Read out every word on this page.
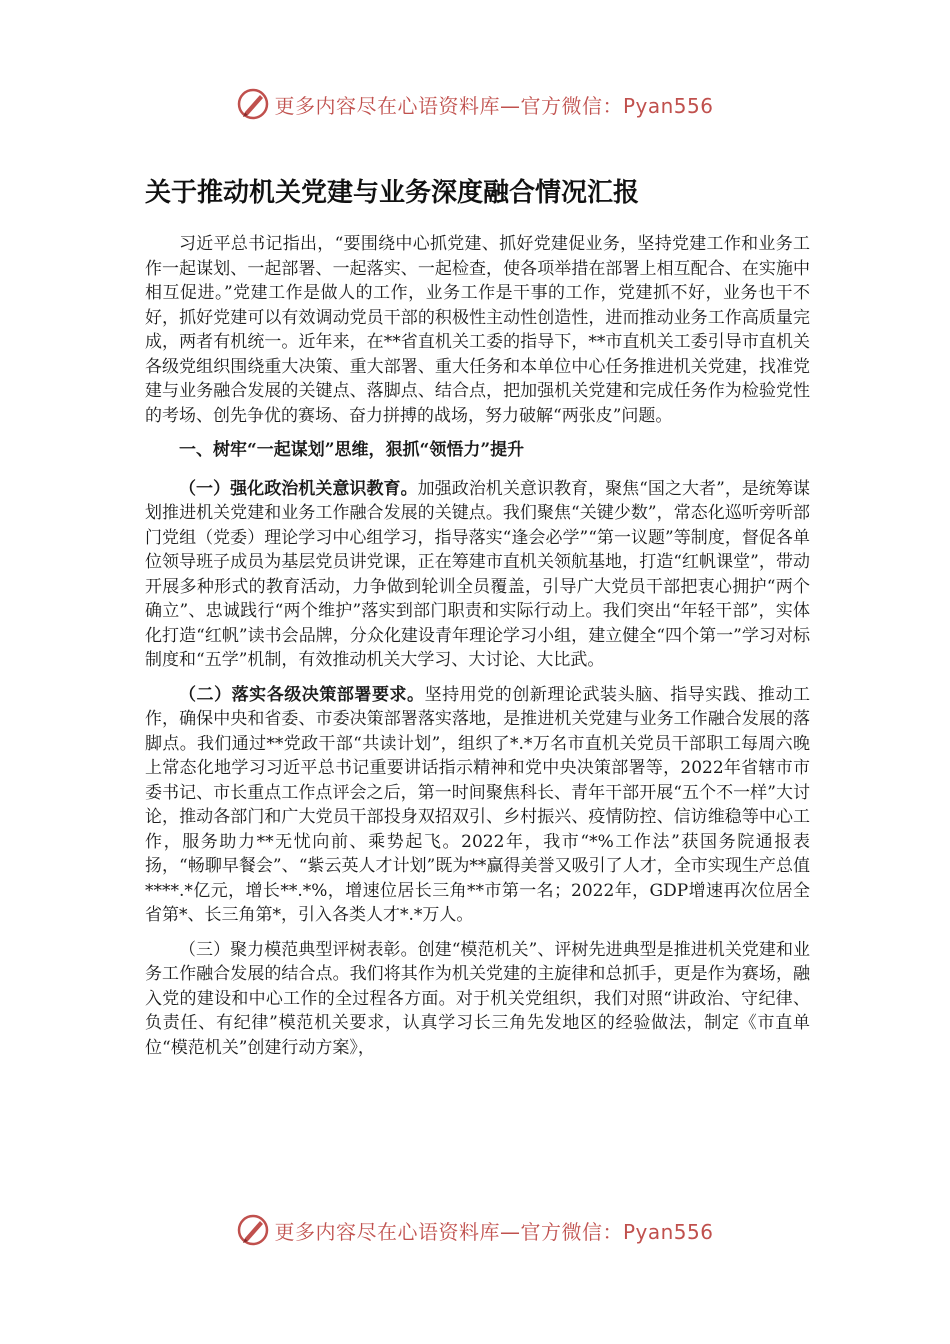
更多内容尽在心语资料库—官方微信：Pyan556
关于推动机关党建与业务深度融合情况汇报

习近平总书记指出，“要围绕中心抓党建、抓好党建促业务，坚持党建工作和业务工作一起谋划、一起部署、一起落实、一起检查，使各项举措在部署上相互配合、在实施中相互促进。”党建工作是做人的工作，业务工作是干事的工作，党建抓不好，业务也干不好，抓好党建可以有效调动党员干部的积极性主动性创造性，进而推动业务工作高质量完成，两者有机统一。近年来，在**省直机关工委的指导下，**市直机关工委引导市直机关各级党组织围绕重大决策、重大部署、重大任务和本单位中心任务推进机关党建，找准党建与业务融合发展的关键点、落脚点、结合点，把加强机关党建和完成任务作为检验党性的考场、创先争优的赛场、奋力拼搏的战场，努力破解“两张皮”问题。

一、树牢“一起谋划”思维，狠抓“领悟力”提升

（一）强化政治机关意识教育。加强政治机关意识教育，聚焦“国之大者”，是统筹谋划推进机关党建和业务工作融合发展的关键点。我们聚焦“关键少数”，常态化巡听旁听部门党组（党委）理论学习中心组学习，指导落实“逢会必学”“第一议题”等制度，督促各单位领导班子成员为基层党员讲党课，正在筹建市直机关领航基地，打造“红帆课堂”，带动开展多种形式的教育活动，力争做到轮训全员覆盖，引导广大党员干部把衷心拥护“两个确立”、忠诚践行“两个维护”落实到部门职责和实际行动上。我们突出“年轻干部”，实体化打造“红帆”读书会品牌，分众化建设青年理论学习小组，建立健全“四个第一”学习对标制度和“五学”机制，有效推动机关大学习、大讨论、大比武。

（二）落实各级决策部署要求。坚持用党的创新理论武装头脑、指导实践、推动工作，确保中央和省委、市委决策部署落实落地，是推进机关党建与业务工作融合发展的落脚点。我们通过**党政干部“共读计划”，组织了*.*万名市直机关党员干部职工每周六晚上常态化地学习习近平总书记重要讲话指示精神和党中央决策部署等，2022年省辖市市委书记、市长重点工作点评会之后，第一时间聚焦科长、青年干部开展“五个不一样”大讨论，推动各部门和广大党员干部投身双招双引、乡村振兴、疫情防控、信访维稳等中心工作，服务助力**无忧向前、乘势起飞。2022年，我市“*%工作法”获国务院通报表扬，“畅聊早餐会”、“紫云英人才计划”既为**赢得美誉又吸引了人才，全市实现生产总值****.*亿元，增长**.*%，增速位居长三角**市第一名；2022年，GDP增速再次位居全省第*、长三角第*，引入各类人才*.*万人。

（三）聚力模范典型评树表彰。创建“模范机关”、评树先进典型是推进机关党建和业务工作融合发展的结合点。我们将其作为机关党建的主旋律和总抓手，更是作为赛场，融入党的建设和中心工作的全过程各方面。对于机关党组织，我们对照“讲政治、守纪律、负责任、有纪律”模范机关要求，认真学习长三角先发地区的经验做法，制定《市直单位“模范机关”创建行动方案》，

更多内容尽在心语资料库—官方微信：Pyan556
